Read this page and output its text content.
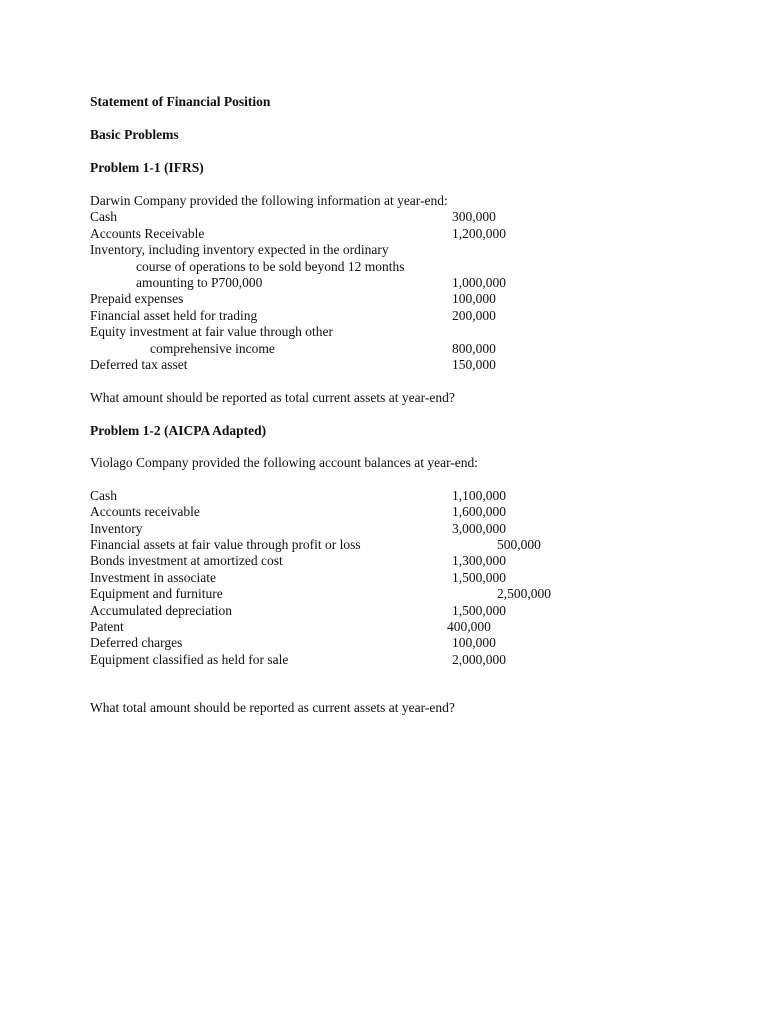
Statement of Financial Position
Basic Problems
Problem 1-1 (IFRS)
Darwin Company provided the following information at year-end:
Cash	300,000
Accounts Receivable	1,200,000
Inventory, including inventory expected in the ordinary
course of operations to be sold beyond 12 months
amounting to P700,000	1,000,000
Prepaid expenses	100,000
Financial asset held for trading	200,000
Equity investment at fair value through other
comprehensive income	800,000
Deferred tax asset	150,000
What amount should be reported as total current assets at year-end?
Problem 1-2 (AICPA Adapted)
Violago Company provided the following account balances at year-end:
Cash	1,100,000
Accounts receivable	1,600,000
Inventory	3,000,000
Financial assets at fair value through profit or loss	500,000
Bonds investment at amortized cost	1,300,000
Investment in associate	1,500,000
Equipment and furniture	2,500,000
Accumulated depreciation	1,500,000
Patent	400,000
Deferred charges	100,000
Equipment classified as held for sale	2,000,000
What total amount should be reported as current assets at year-end?
